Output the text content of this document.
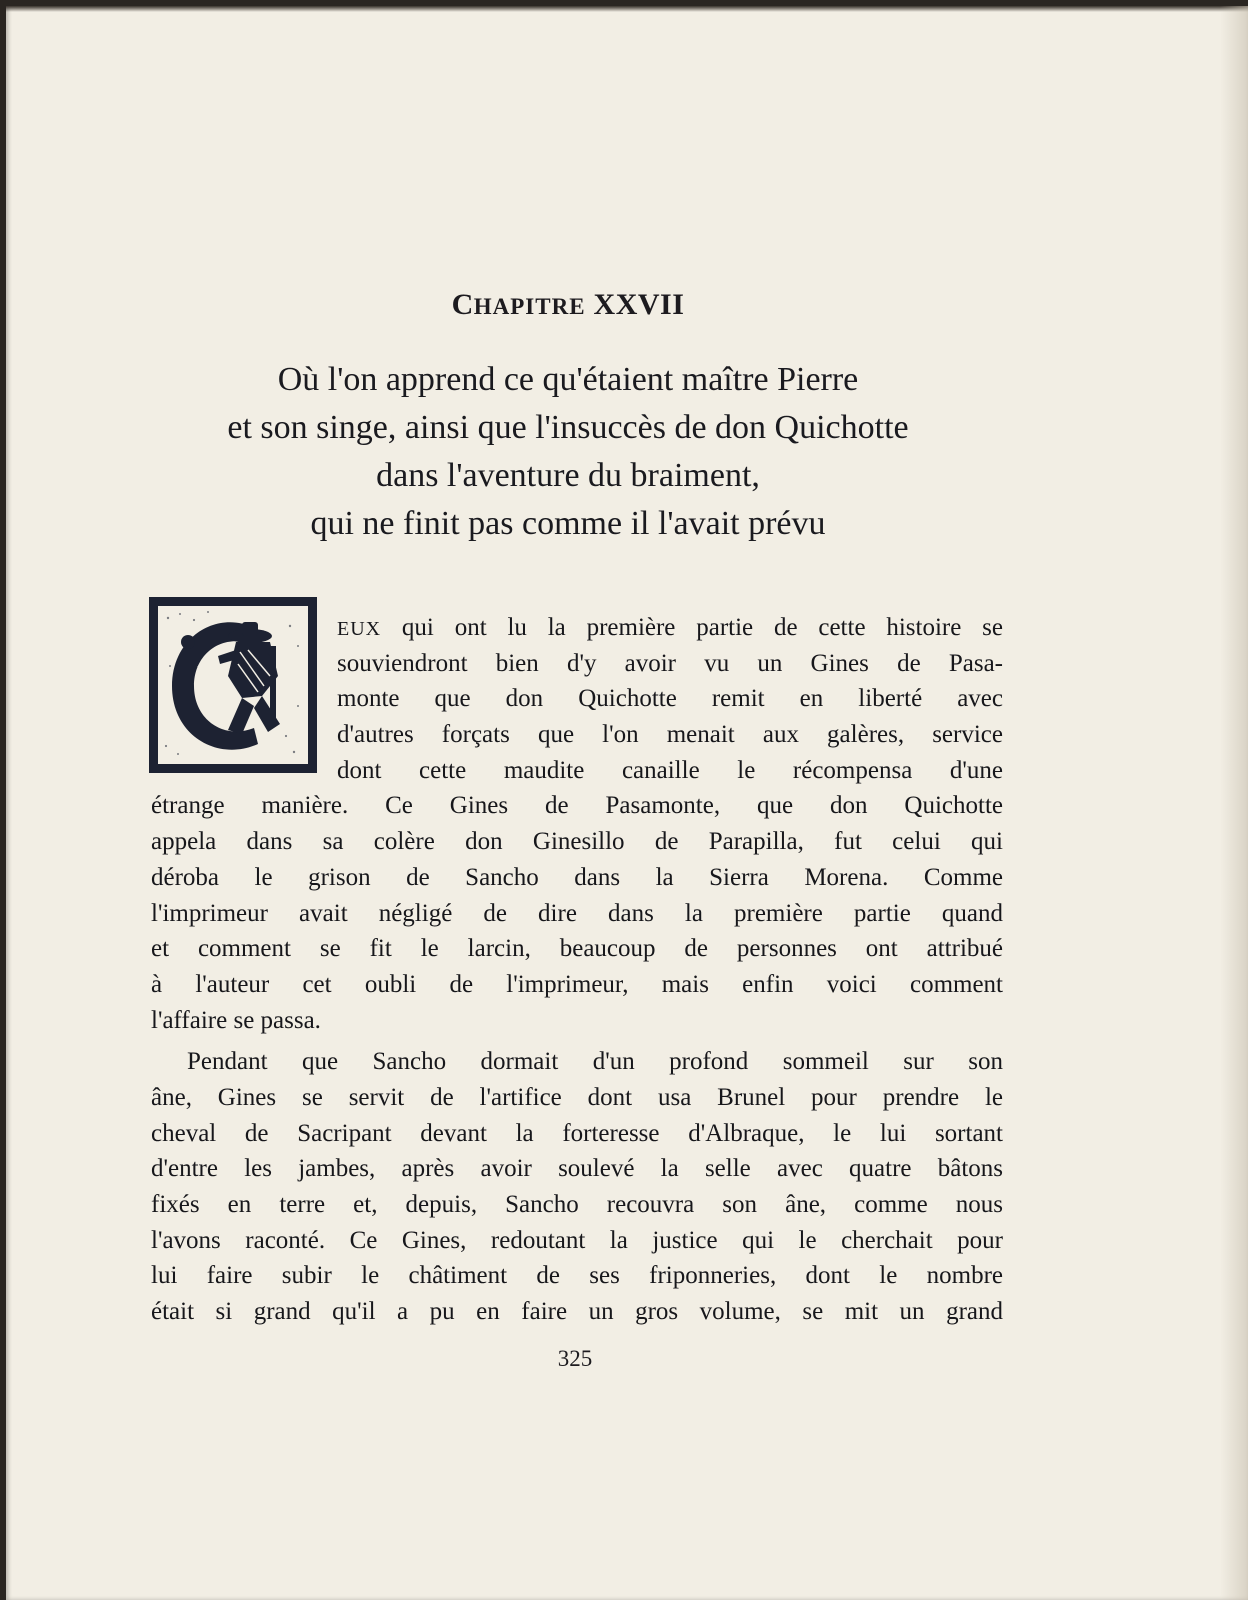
CHAPITRE XXVII
Où l'on apprend ce qu'étaient maître Pierre
et son singe, ainsi que l'insuccès de don Quichotte
dans l'aventure du braiment,
qui ne finit pas comme il l'avait prévu
EUX qui ont lu la première partie de cette histoire se
souviendront bien d'y avoir vu un Gines de Pasa-
monte que don Quichotte remit en liberté avec
d'autres forçats que l'on menait aux galères, service
dont cette maudite canaille le récompensa d'une
étrange manière. Ce Gines de Pasamonte, que don Quichotte
appela dans sa colère don Ginesillo de Parapilla, fut celui qui
déroba le grison de Sancho dans la Sierra Morena. Comme
l'imprimeur avait négligé de dire dans la première partie quand
et comment se fit le larcin, beaucoup de personnes ont attribué
à l'auteur cet oubli de l'imprimeur, mais enfin voici comment
l'affaire se passa.
Pendant que Sancho dormait d'un profond sommeil sur son
âne, Gines se servit de l'artifice dont usa Brunel pour prendre le
cheval de Sacripant devant la forteresse d'Albraque, le lui sortant
d'entre les jambes, après avoir soulevé la selle avec quatre bâtons
fixés en terre et, depuis, Sancho recouvra son âne, comme nous
l'avons raconté. Ce Gines, redoutant la justice qui le cherchait pour
lui faire subir le châtiment de ses friponneries, dont le nombre
était si grand qu'il a pu en faire un gros volume, se mit un grand
325
